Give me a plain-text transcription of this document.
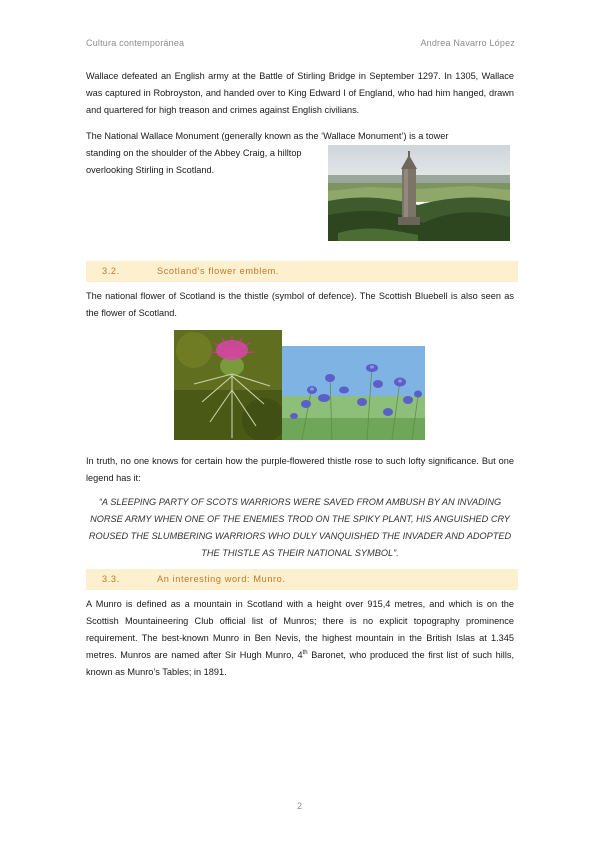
Cultura contemporánea	Andrea Navarro López

Wallace defeated an English army at the Battle of Stirling Bridge in September 1297. In 1305, Wallace was captured in Robroyston, and handed over to King Edward I of England, who had him hanged, drawn and quartered for high treason and crimes against English civilians.

The National Wallace Monument (generally known as the ‘Wallace Monument’) is a tower

standing on the shoulder of the Abbey Craig, a hilltop overlooking Stirling in Scotland.

3.2.	Scotland’s flower emblem.

The national flower of Scotland is the thistle (symbol of defence). The Scottish Bluebell is also seen as the flower of Scotland.

In truth, no one knows for certain how the purple-flowered thistle rose to such lofty significance. But one legend has it:

“A SLEEPING PARTY OF SCOTS WARRIORS WERE SAVED FROM AMBUSH BY AN INVADING NORSE ARMY WHEN ONE OF THE ENEMIES TROD ON THE SPIKY PLANT, HIS ANGUISHED CRY ROUSED THE SLUMBERING WARRIORS WHO DULY VANQUISHED THE INVADER AND ADOPTED THE THISTLE AS THEIR NATIONAL SYMBOL”.

3.3.	An interesting word: Munro.

A Munro is defined as a mountain in Scotland with a height over 915,4 metres, and which is on the Scottish Mountaineering Club official list of Munros; there is no explicit topography prominence requirement. The best-known Munro in Ben Nevis, the highest mountain in the British Islas at 1.345 metres. Munros are named after Sir Hugh Munro, 4th Baronet, who produced the first list of such hills, known as Munro’s Tables; in 1891.

2
